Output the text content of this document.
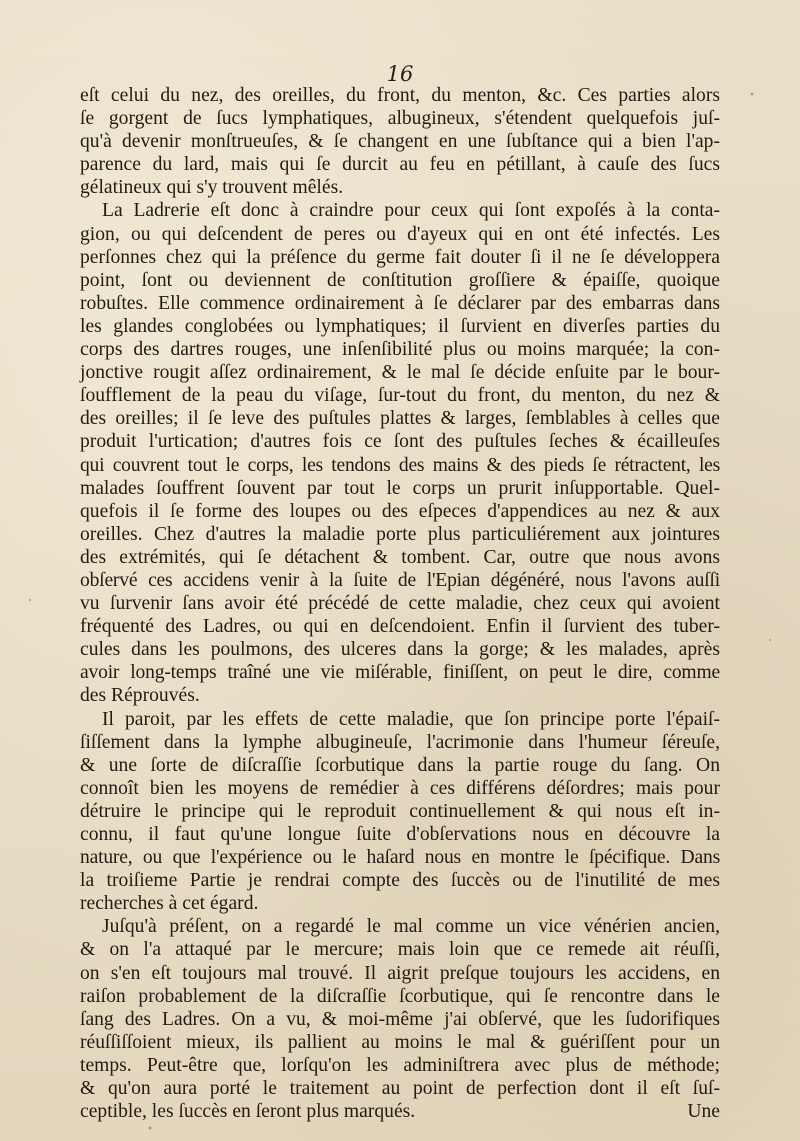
16
eſt celui du nez, des oreilles, du front, du menton, &c. Ces parties alors
ſe gorgent de ſucs lymphatiques, albugineux, s'étendent quelquefois juſ-
qu'à devenir monſtrueuſes, & ſe changent en une ſubſtance qui a bien l'ap-
parence du lard, mais qui ſe durcit au feu en pétillant, à cauſe des ſucs
gélatineux qui s'y trouvent mêlés.
La Ladrerie eſt donc à craindre pour ceux qui ſont expoſés à la conta-
gion, ou qui deſcendent de peres ou d'ayeux qui en ont été infectés. Les
perſonnes chez qui la préſence du germe fait douter ſi il ne ſe développera
point, ſont ou deviennent de conſtitution groſſiere & épaiſſe, quoique
robuſtes. Elle commence ordinairement à ſe déclarer par des embarras dans
les glandes conglobées ou lymphatiques; il ſurvient en diverſes parties du
corps des dartres rouges, une inſenſibilité plus ou moins marquée; la con-
jonctive rougit aſſez ordinairement, & le mal ſe décide enſuite par le bour-
ſoufflement de la peau du viſage, ſur-tout du front, du menton, du nez &
des oreilles; il ſe leve des puſtules plattes & larges, ſemblables à celles que
produit l'urtication; d'autres fois ce ſont des puſtules ſeches & écailleuſes
qui couvrent tout le corps, les tendons des mains & des pieds ſe rétractent, les
malades ſouffrent ſouvent par tout le corps un prurit inſupportable. Quel-
quefois il ſe forme des loupes ou des eſpeces d'appendices au nez & aux
oreilles. Chez d'autres la maladie porte plus particuliérement aux jointures
des extrémités, qui ſe détachent & tombent. Car, outre que nous avons
obſervé ces accidens venir à la ſuite de l'Epian dégénéré, nous l'avons auſſi
vu ſurvenir ſans avoir été précédé de cette maladie, chez ceux qui avoient
fréquenté des Ladres, ou qui en deſcendoient. Enfin il ſurvient des tuber-
cules dans les poulmons, des ulceres dans la gorge; & les malades, après
avoir long-temps traîné une vie miſérable, finiſſent, on peut le dire, comme
des Réprouvés.
Il paroit, par les effets de cette maladie, que ſon principe porte l'épaiſ-
ſiſſement dans la lymphe albugineuſe, l'acrimonie dans l'humeur ſéreuſe,
& une ſorte de diſcraſſie ſcorbutique dans la partie rouge du ſang. On
connoît bien les moyens de remédier à ces différens déſordres; mais pour
détruire le principe qui le reproduit continuellement & qui nous eſt in-
connu, il faut qu'une longue ſuite d'obſervations nous en découvre la
nature, ou que l'expérience ou le haſard nous en montre le ſpécifique. Dans
la troiſieme Partie je rendrai compte des ſuccès ou de l'inutilité de mes
recherches à cet égard.
Juſqu'à préſent, on a regardé le mal comme un vice vénérien ancien,
& on l'a attaqué par le mercure; mais loin que ce remede ait réuſſi,
on s'en eſt toujours mal trouvé. Il aigrit preſque toujours les accidens, en
raiſon probablement de la diſcraſſie ſcorbutique, qui ſe rencontre dans le
ſang des Ladres. On a vu, & moi-même j'ai obſervé, que les ſudorifiques
réuſſiſſoient mieux, ils pallient au moins le mal & guériſſent pour un
temps. Peut-être que, lorſqu'on les adminiſtrera avec plus de méthode;
& qu'on aura porté le traitement au point de perfection dont il eſt ſuſ-
ceptible, les ſuccès en ſeront plus marqués.	Une
